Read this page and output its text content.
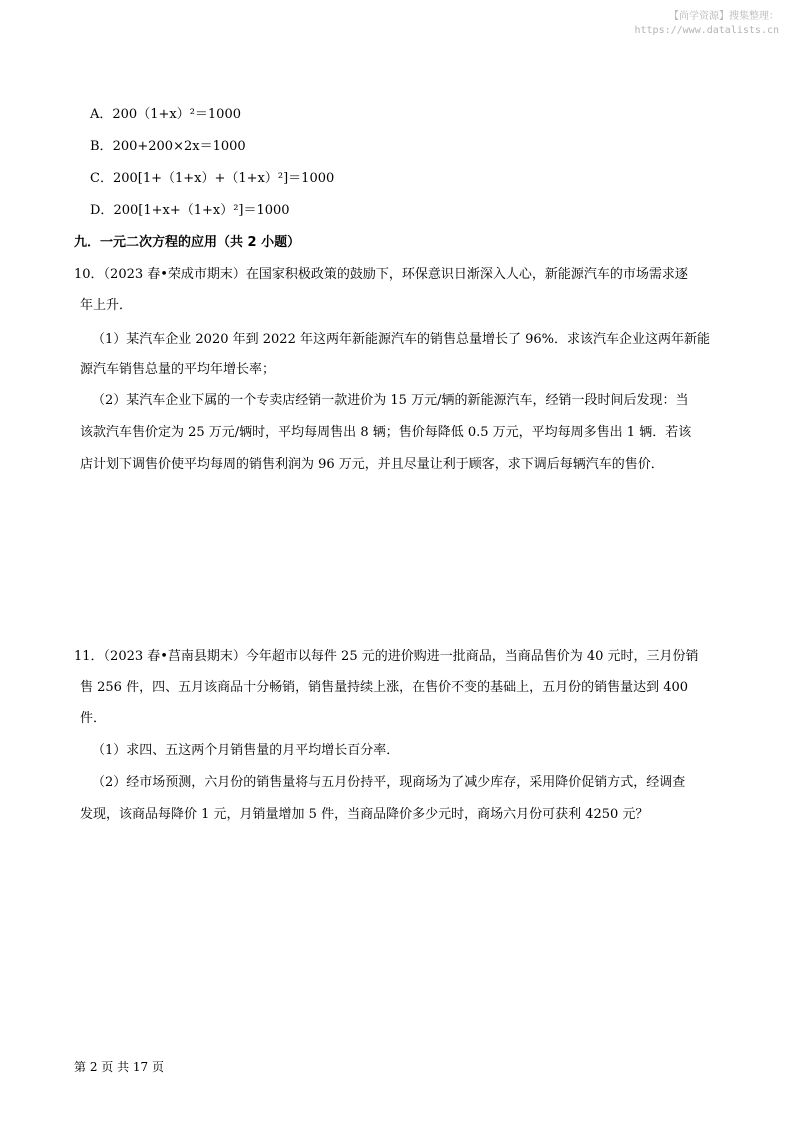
【尚学资源】搜集整理：
https://www.datalists.cn
A．200（1+x）²＝1000
B．200+200×2x＝1000
C．200[1+（1+x）+（1+x）²]＝1000
D．200[1+x+（1+x）²]＝1000
九．一元二次方程的应用（共 2 小题）
10．（2023 春•荣成市期末）在国家积极政策的鼓励下，环保意识日渐深入人心，新能源汽车的市场需求逐
年上升．
（1）某汽车企业 2020 年到 2022 年这两年新能源汽车的销售总量增长了 96%．求该汽车企业这两年新能
源汽车销售总量的平均年增长率；
（2）某汽车企业下属的一个专卖店经销一款进价为 15 万元/辆的新能源汽车，经销一段时间后发现：当
该款汽车售价定为 25 万元/辆时，平均每周售出 8 辆；售价每降低 0.5 万元，平均每周多售出 1 辆．若该
店计划下调售价使平均每周的销售利润为 96 万元，并且尽量让利于顾客，求下调后每辆汽车的售价．
11．（2023 春•莒南县期末）今年超市以每件 25 元的进价购进一批商品，当商品售价为 40 元时，三月份销
售 256 件，四、五月该商品十分畅销，销售量持续上涨，在售价不变的基础上，五月份的销售量达到 400
件．
（1）求四、五这两个月销售量的月平均增长百分率．
（2）经市场预测，六月份的销售量将与五月份持平，现商场为了减少库存，采用降价促销方式，经调查
发现，该商品每降价 1 元，月销量增加 5 件，当商品降价多少元时，商场六月份可获利 4250 元？
第 2 页 共 17 页
